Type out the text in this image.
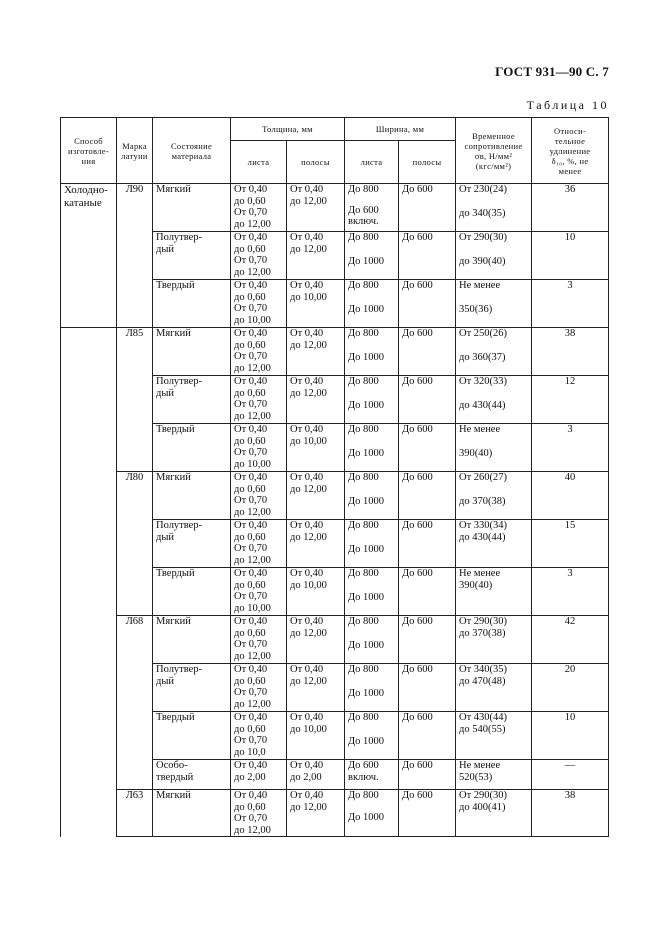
ГОСТ 931—90 С. 7
Таблица 10
Способ
изготовле-
ния	Марка
латуни	Состояние
материала	Толщина, мм		Ширина, мм		Временное
сопротивление
σв, Н/мм²
(кгс/мм²)	Относи-
тельное
удлинение
δ₁₀, %, не
менее
			листа	полосы	листа	полосы		
Холодно-
катаные	Л90	Мягкий	От 0,40
до 0,60
От 0,70
до 12,00	От 0,40
до 12,00	До 800
До 600
включ.	До 600	От 230(24)
до 340(35)	36
		Полутвер-
дый	От 0,40
до 0,60
От 0,70
до 12,00	От 0,40
до 12,00	До 800
До 1000	До 600	От 290(30)
до 390(40)	10
		Твердый	От 0,40
до 0,60
От 0,70
до 10,00	От 0,40
до 10,00	До 800
До 1000	До 600	Не менее
350(36)	3
	Л85	Мягкий	От 0,40
до 0,60
От 0,70
до 12,00	От 0,40
до 12,00	До 800
До 1000	До 600	От 250(26)
до 360(37)	38
		Полутвер-
дый	От 0,40
до 0,60
От 0,70
до 12,00	От 0,40
до 12,00	До 800
До 1000	До 600	От 320(33)
до 430(44)	12
		Твердый	От 0,40
до 0,60
От 0,70
до 10,00	От 0,40
до 10,00	До 800
До 1000	До 600	Не менее
390(40)	3
	Л80	Мягкий	От 0,40
до 0,60
От 0,70
до 12,00	От 0,40
до 12,00	До 800
До 1000	До 600	От 260(27)
до 370(38)	40
		Полутвер-
дый	От 0,40
до 0,60
От 0,70
до 12,00	От 0,40
до 12,00	До 800
До 1000	До 600	От 330(34)
до 430(44)	15
		Твердый	От 0,40
до 0,60
От 0,70
до 10,00	От 0,40
до 10,00	До 800
До 1000	До 600	Не менее
390(40)	3
	Л68	Мягкий	От 0,40
до 0,60
От 0,70
до 12,00	От 0,40
до 12,00	До 800
До 1000	До 600	От 290(30)
до 370(38)	42
		Полутвер-
дый	От 0,40
до 0,60
От 0,70
до 12,00	От 0,40
до 12,00	До 800
До 1000	До 600	От 340(35)
до 470(48)	20
		Твердый	От 0,40
до 0,60
От 0,70
до 10,0	От 0,40
до 10,00	До 800
До 1000	До 600	От 430(44)
до 540(55)	10
		Особо-
твердый	От 0,40
до 2,00	От 0,40
до 2,00	До 600
включ.	До 600	Не менее
520(53)	—
	Л63	Мягкий	От 0,40
до 0,60
От 0,70
до 12,00	От 0,40
до 12,00	До 800
До 1000	До 600	От 290(30)
до 400(41)	38
